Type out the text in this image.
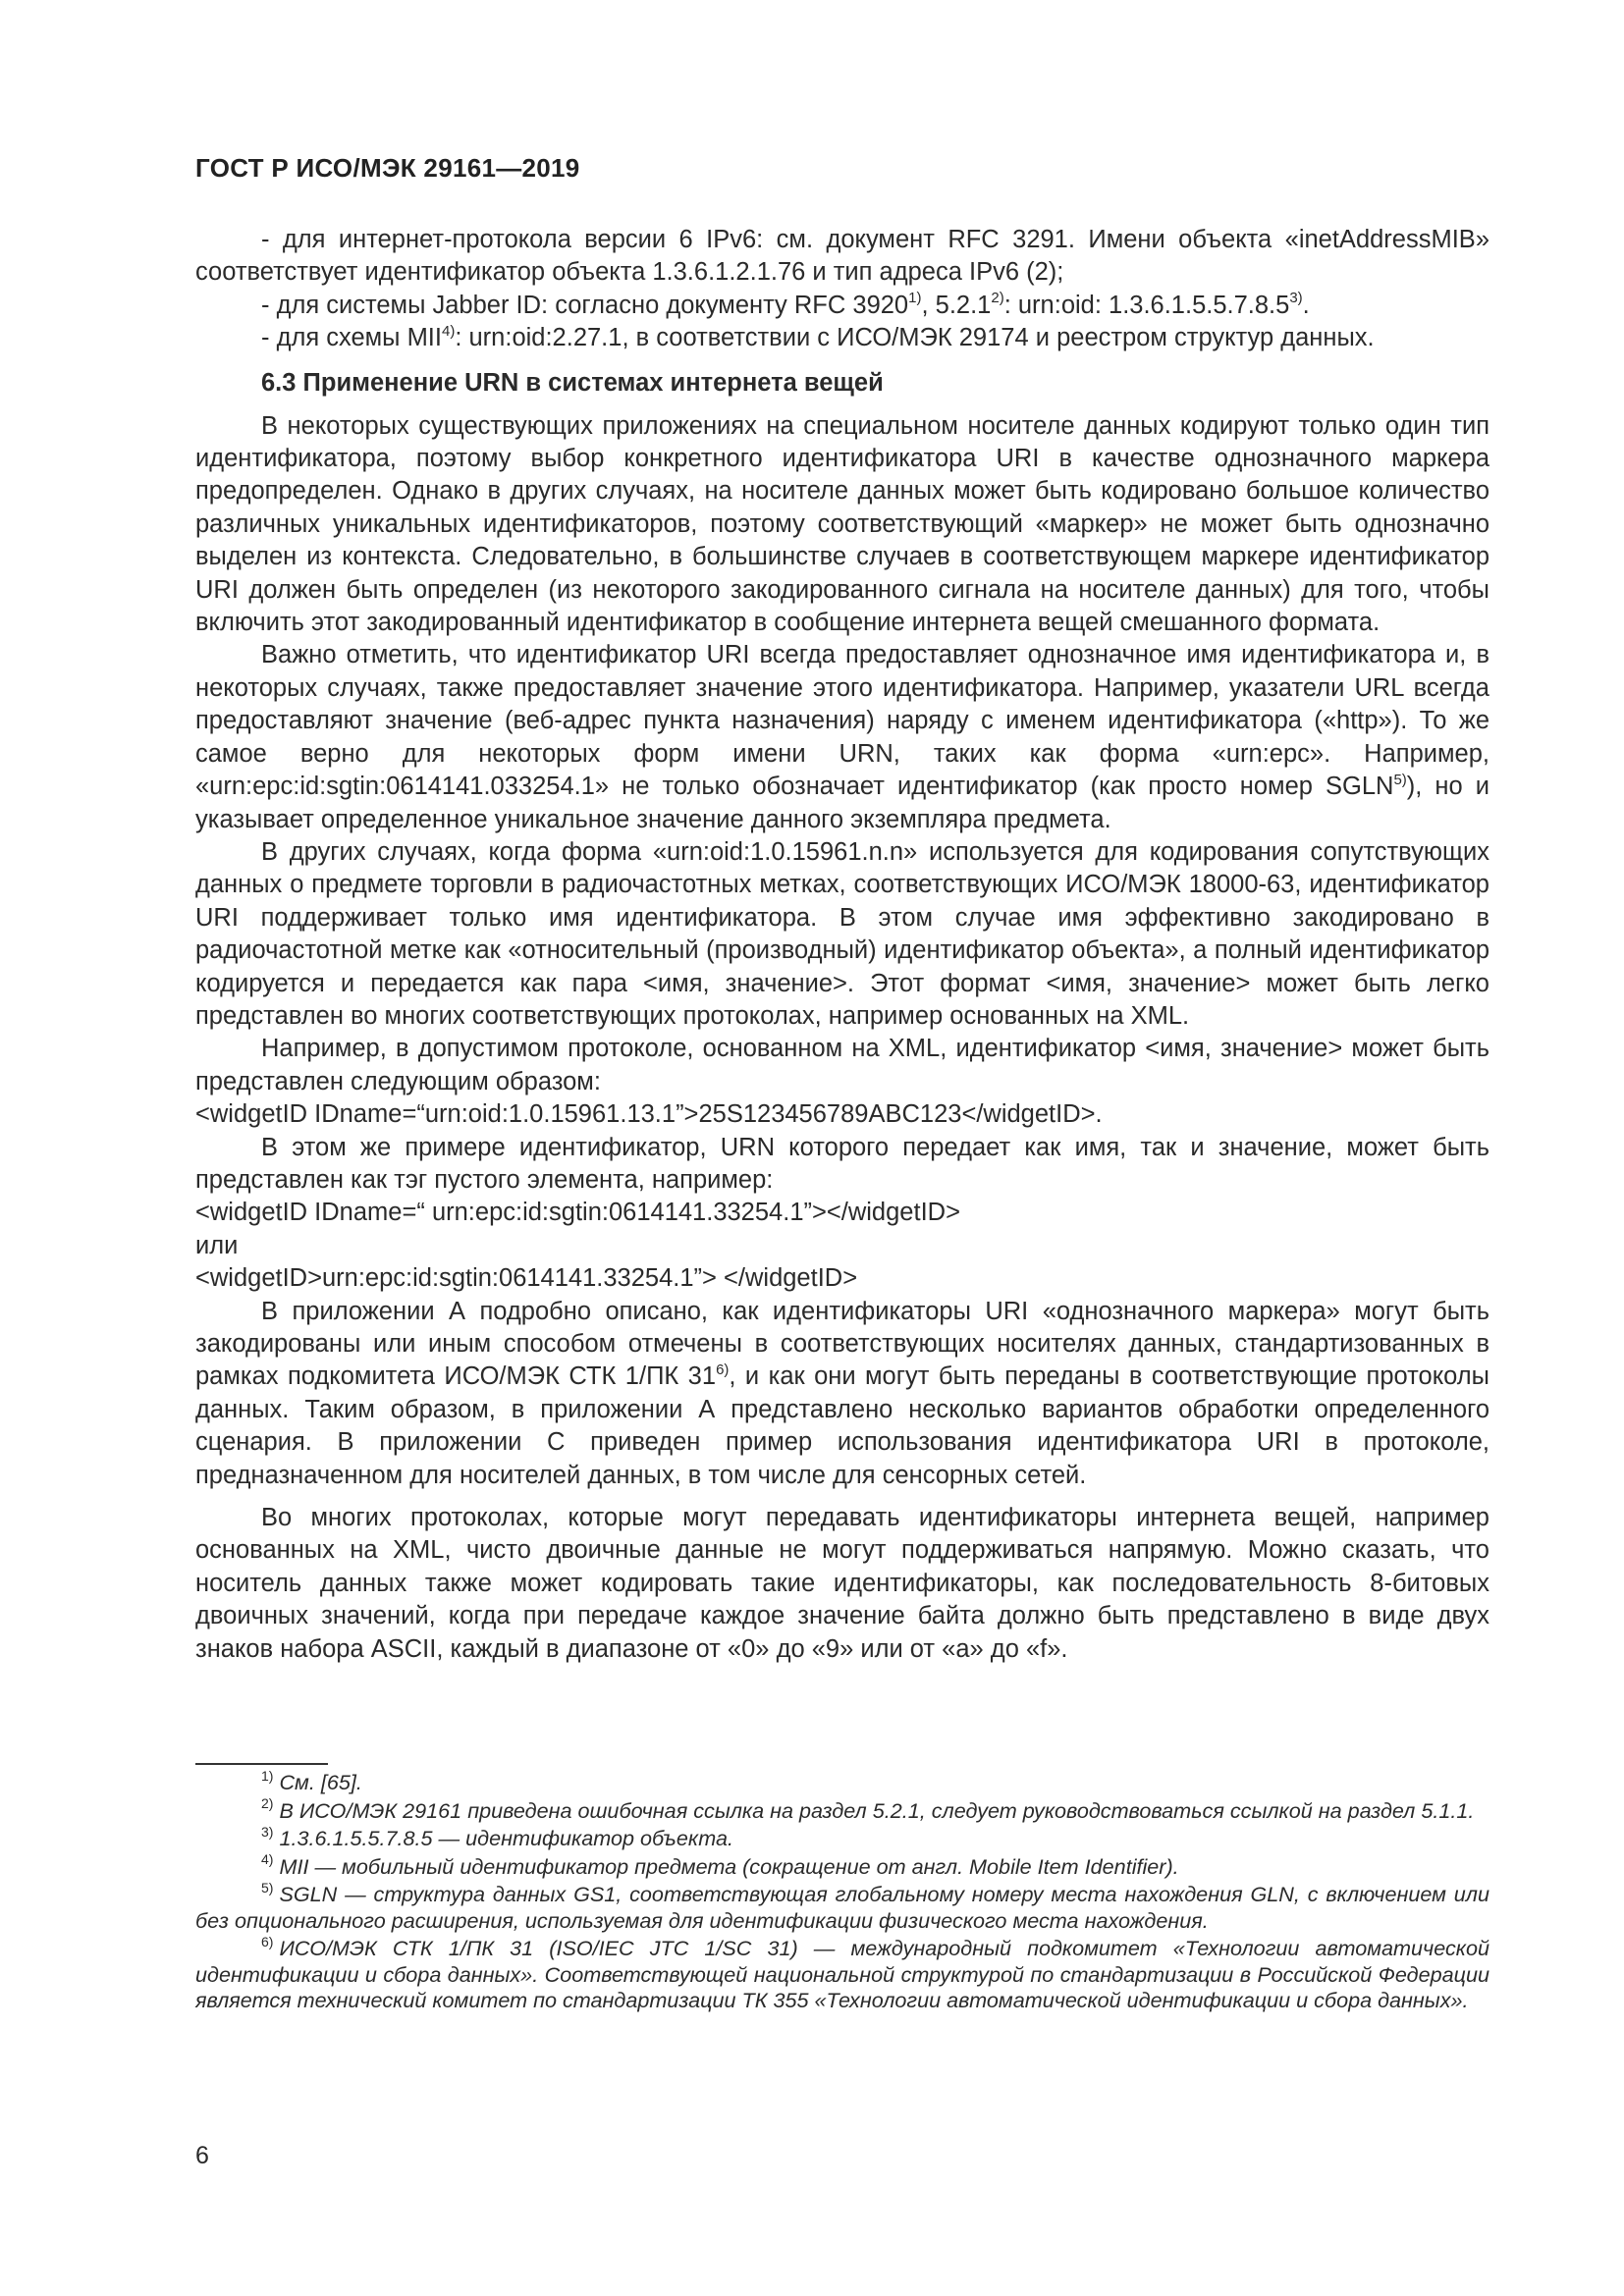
ГОСТ Р ИСО/МЭК 29161—2019

- для интернет-протокола версии 6 IPv6: см. документ RFC 3291. Имени объекта «inetAddressMIB» соответствует идентификатор объекта 1.3.6.1.2.1.76 и тип адреса IPv6 (2);

- для системы Jabber ID: согласно документу RFC 3920$^{1)}$, 5.2.1$^{2)}$: urn:oid: 1.3.6.1.5.5.7.8.5$^{3)}$.

- для схемы MII$^{4)}$: urn:oid:2.27.1, в соответствии с ИСО/МЭК 29174 и реестром структур данных.

6.3 Применение URN в системах интернета вещей

В некоторых существующих приложениях на специальном носителе данных кодируют только один тип идентификатора, поэтому выбор конкретного идентификатора URI в качестве однозначного маркера предопределен. Однако в других случаях, на носителе данных может быть кодировано большое количество различных уникальных идентификаторов, поэтому соответствующий «маркер» не может быть однозначно выделен из контекста. Следовательно, в большинстве случаев в соответствующем маркере идентификатор URI должен быть определен (из некоторого закодированного сигнала на носителе данных) для того, чтобы включить этот закодированный идентификатор в сообщение интернета вещей смешанного формата.

Важно отметить, что идентификатор URI всегда предоставляет однозначное имя идентификатора и, в некоторых случаях, также предоставляет значение этого идентификатора. Например, указатели URL всегда предоставляют значение (веб-адрес пункта назначения) наряду с именем идентификатора («http»). То же самое верно для некоторых форм имени URN, таких как форма «urn:epc». Например, «urn:epc:id:sgtin:0614141.033254.1» не только обозначает идентификатор (как просто номер SGLN$^{5)}$), но и указывает определенное уникальное значение данного экземпляра предмета.

В других случаях, когда форма «urn:oid:1.0.15961.n.n» используется для кодирования сопутствующих данных о предмете торговли в радиочастотных метках, соответствующих ИСО/МЭК 18000-63, идентификатор URI поддерживает только имя идентификатора. В этом случае имя эффективно закодировано в радиочастотной метке как «относительный (производный) идентификатор объекта», а полный идентификатор кодируется и передается как пара <имя, значение>. Этот формат <имя, значение> может быть легко представлен во многих соответствующих протоколах, например основанных на XML.

Например, в допустимом протоколе, основанном на XML, идентификатор <имя, значение> может быть представлен следующим образом:

<widgetID IDname=“urn:oid:1.0.15961.13.1”>25S123456789ABC123</widgetID>.

В этом же примере идентификатор, URN которого передает как имя, так и значение, может быть представлен как тэг пустого элемента, например:

<widgetID IDname=“ urn:epc:id:sgtin:0614141.33254.1”></widgetID>

или

<widgetID>urn:epc:id:sgtin:0614141.33254.1”> </widgetID>

В приложении А подробно описано, как идентификаторы URI «однозначного маркера» могут быть закодированы или иным способом отмечены в соответствующих носителях данных, стандартизованных в рамках подкомитета ИСО/МЭК СТК 1/ПК 31$^{6)}$, и как они могут быть переданы в соответствующие протоколы данных. Таким образом, в приложении А представлено несколько вариантов обработки определенного сценария. В приложении С приведен пример использования идентификатора URI в протоколе, предназначенном для носителей данных, в том числе для сенсорных сетей.

Во многих протоколах, которые могут передавать идентификаторы интернета вещей, например основанных на XML, чисто двоичные данные не могут поддерживаться напрямую. Можно сказать, что носитель данных также может кодировать такие идентификаторы, как последовательность 8-битовых двоичных значений, когда при передаче каждое значение байта должно быть представлено в виде двух знаков набора ASCII, каждый в диапазоне от «0» до «9» или от «a» до «f».

$^{1)}$ См. [65].

$^{2)}$ В ИСО/МЭК 29161 приведена ошибочная ссылка на раздел 5.2.1, следует руководствоваться ссылкой на раздел 5.1.1.

$^{3)}$ 1.3.6.1.5.5.7.8.5 — идентификатор объекта.

$^{4)}$ MII — мобильный идентификатор предмета (сокращение от англ. Mobile Item Identifier).

$^{5)}$ SGLN — структура данных GS1, соответствующая глобальному номеру места нахождения GLN, с включением или без опционального расширения, используемая для идентификации физического места нахождения.

$^{6)}$ ИСО/МЭК СТК 1/ПК 31 (ISO/IEC JTC 1/SC 31) — международный подкомитет «Технологии автоматической идентификации и сбора данных». Соответствующей национальной структурой по стандартизации в Российской Федерации является технический комитет по стандартизации ТК 355 «Технологии автоматической идентификации и сбора данных».

6
